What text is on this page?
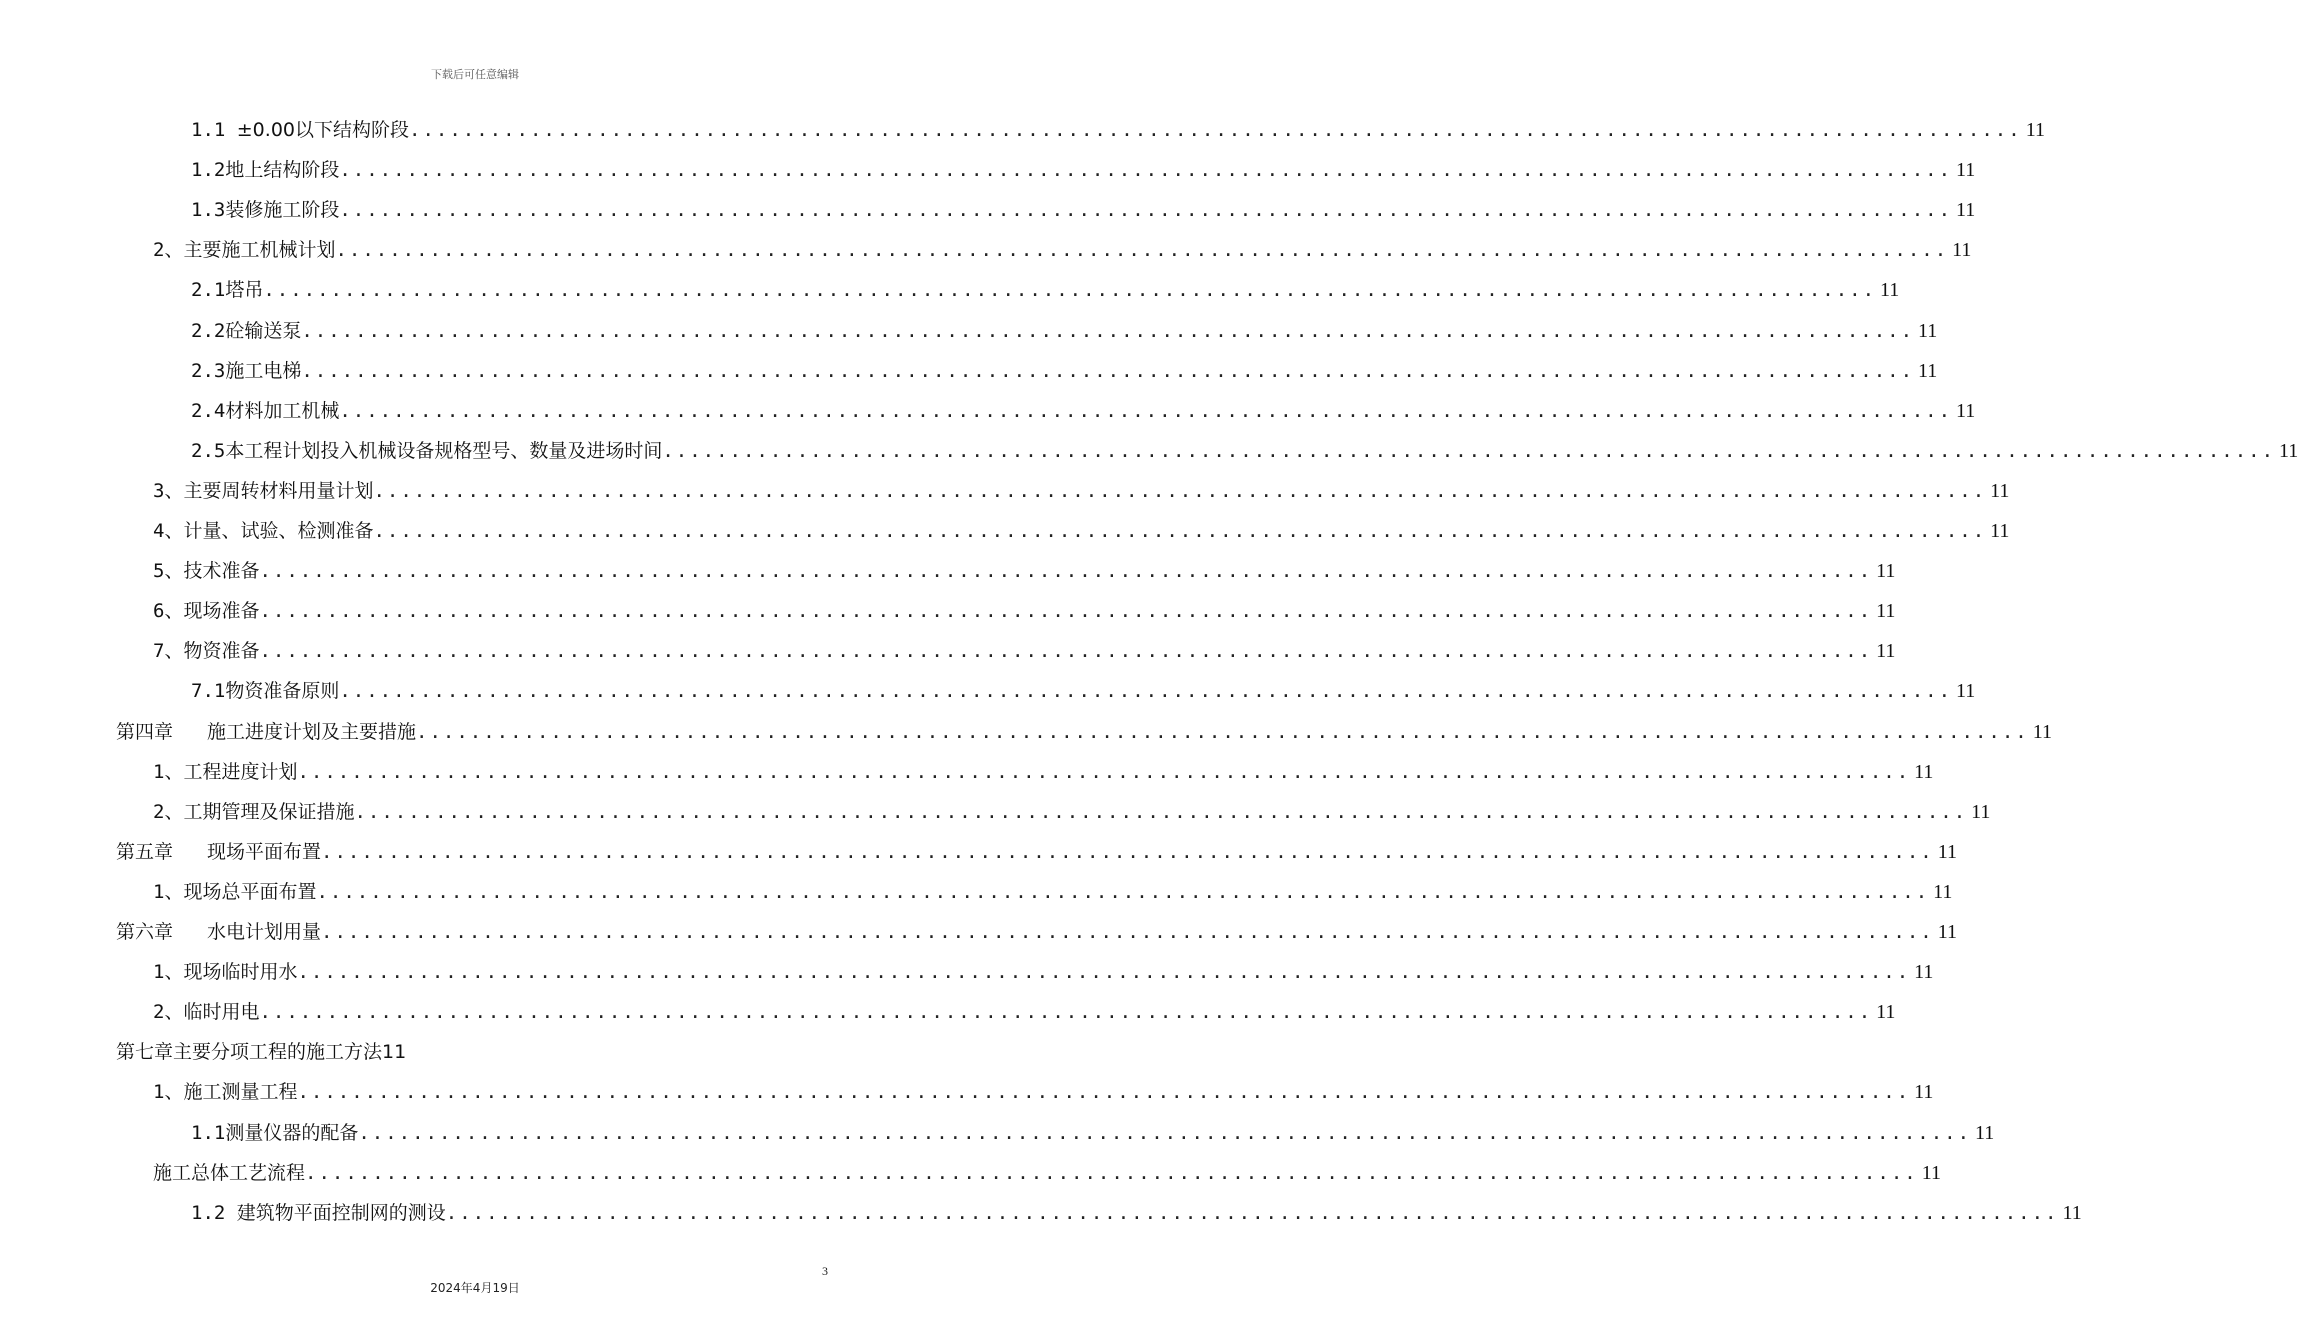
下载后可任意编辑
1.1 ±0.00以下结构阶段 ........................................................................................................................ 11
1.2地上结构阶段 ........................................................................................................................ 11
1.3装修施工阶段 ........................................................................................................................ 11
2、主要施工机械计划 ........................................................................................................................ 11
2.1塔吊 ........................................................................................................................ 11
2.2砼输送泵 ........................................................................................................................ 11
2.3施工电梯 ........................................................................................................................ 11
2.4材料加工机械 ........................................................................................................................ 11
2.5本工程计划投入机械设备规格型号、数量及进场时间 ........................................................................................................................ 11
3、主要周转材料用量计划 ........................................................................................................................ 11
4、计量、试验、检测准备 ........................................................................................................................ 11
5、技术准备 ........................................................................................................................ 11
6、现场准备 ........................................................................................................................ 11
7、物资准备 ........................................................................................................................ 11
7.1物资准备原则 ........................................................................................................................ 11
第四章 施工进度计划及主要措施 ........................................................................................................................ 11
1、工程进度计划 ........................................................................................................................ 11
2、工期管理及保证措施 ........................................................................................................................ 11
第五章 现场平面布置 ........................................................................................................................ 11
1、现场总平面布置 ........................................................................................................................ 11
第六章 水电计划用量 ........................................................................................................................ 11
1、现场临时用水 ........................................................................................................................ 11
2、临时用电 ........................................................................................................................ 11
第七章主要分项工程的施工方法11
1、施工测量工程 ........................................................................................................................ 11
1.1测量仪器的配备 ........................................................................................................................ 11
施工总体工艺流程 ........................................................................................................................ 11
1.2 建筑物平面控制网的测设 ........................................................................................................................ 11
3
2024年4月19日
